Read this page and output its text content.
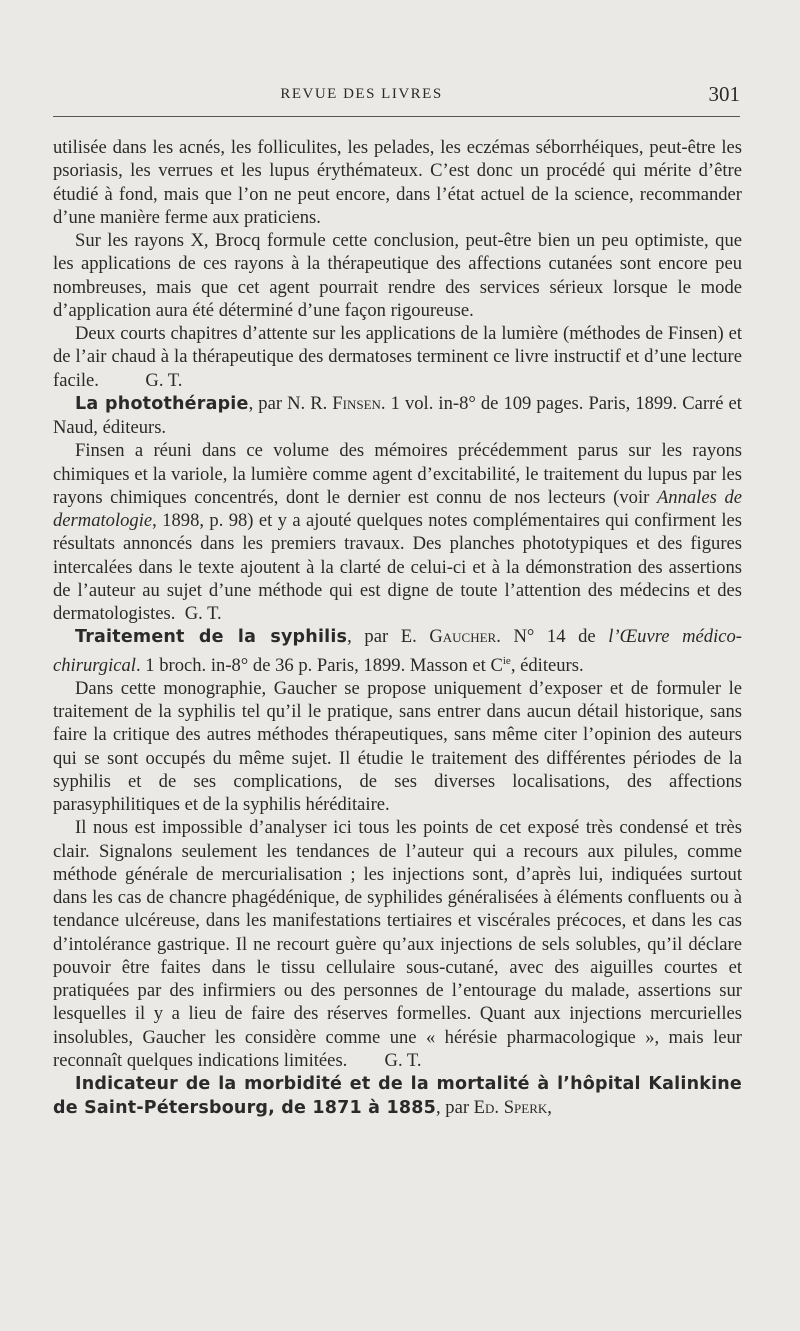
REVUE DES LIVRES	301

utilisée dans les acnés, les folliculites, les pelades, les eczémas séborrhéiques, peut-être les psoriasis, les verrues et les lupus érythémateux. C’est donc un procédé qui mérite d’être étudié à fond, mais que l’on ne peut encore, dans l’état actuel de la science, recommander d’une manière ferme aux praticiens.

Sur les rayons X, Brocq formule cette conclusion, peut-être bien un peu optimiste, que les applications de ces rayons à la thérapeutique des affections cutanées sont encore peu nombreuses, mais que cet agent pourrait rendre des services sérieux lorsque le mode d’application aura été déterminé d’une façon rigoureuse.

Deux courts chapitres d’attente sur les applications de la lumière (méthodes de Finsen) et de l’air chaud à la thérapeutique des dermatoses terminent ce livre instructif et d’une lecture facile. G. T.

La photothérapie, par N. R. Finsen. 1 vol. in-8° de 109 pages. Paris, 1899. Carré et Naud, éditeurs.

Finsen a réuni dans ce volume des mémoires précédemment parus sur les rayons chimiques et la variole, la lumière comme agent d’excitabilité, le traitement du lupus par les rayons chimiques concentrés, dont le dernier est connu de nos lecteurs (voir Annales de dermatologie, 1898, p. 98) et y a ajouté quelques notes complémentaires qui confirment les résultats annoncés dans les premiers travaux. Des planches phototypiques et des figures intercalées dans le texte ajoutent à la clarté de celui-ci et à la démonstration des assertions de l’auteur au sujet d’une méthode qui est digne de toute l’attention des médecins et des dermatologistes. G. T.

Traitement de la syphilis, par E. Gaucher. N° 14 de l’Œuvre médico-chirurgical. 1 broch. in-8° de 36 p. Paris, 1899. Masson et $C^{ie}$, éditeurs.

Dans cette monographie, Gaucher se propose uniquement d’exposer et de formuler le traitement de la syphilis tel qu’il le pratique, sans entrer dans aucun détail historique, sans faire la critique des autres méthodes thérapeutiques, sans même citer l’opinion des auteurs qui se sont occupés du même sujet. Il étudie le traitement des différentes périodes de la syphilis et de ses complications, de ses diverses localisations, des affections parasyphilitiques et de la syphilis héréditaire.

Il nous est impossible d’analyser ici tous les points de cet exposé très condensé et très clair. Signalons seulement les tendances de l’auteur qui a recours aux pilules, comme méthode générale de mercurialisation ; les injections sont, d’après lui, indiquées surtout dans les cas de chancre phagédénique, de syphilides généralisées à éléments confluents ou à tendance ulcéreuse, dans les manifestations tertiaires et viscérales précoces, et dans les cas d’intolérance gastrique. Il ne recourt guère qu’aux injections de sels solubles, qu’il déclare pouvoir être faites dans le tissu cellulaire sous-cutané, avec des aiguilles courtes et pratiquées par des infirmiers ou des personnes de l’entourage du malade, assertions sur lesquelles il y a lieu de faire des réserves formelles. Quant aux injections mercurielles insolubles, Gaucher les considère comme une « hérésie pharmacologique », mais leur reconnaît quelques indications limitées. G. T.

Indicateur de la morbidité et de la mortalité à l’hôpital Kalinkine de Saint-Pétersbourg, de 1871 à 1885, par Ed. Sperk,
